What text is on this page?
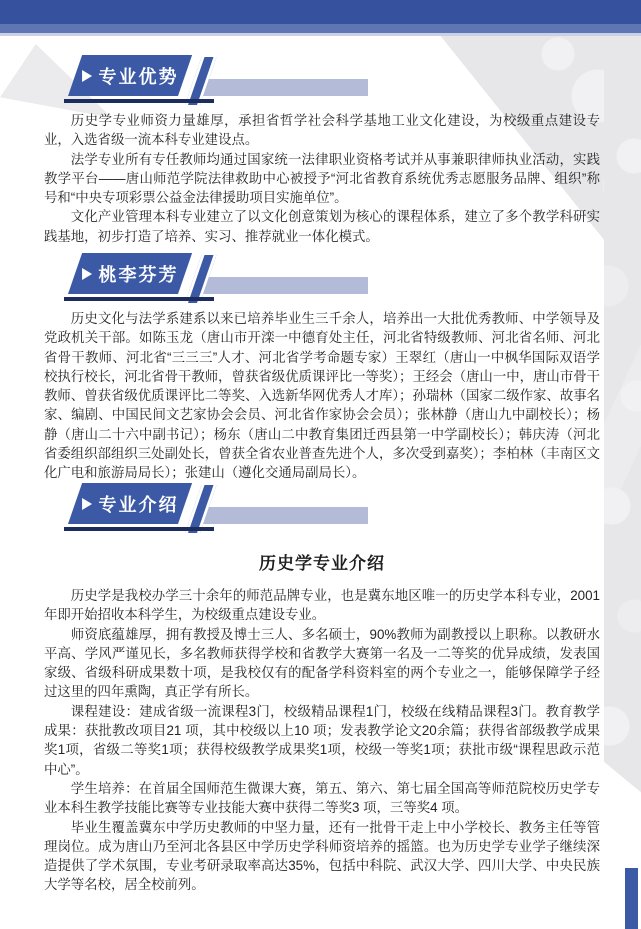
专业优势

历史学专业师资力量雄厚，承担省哲学社会科学基地工业文化建设，为校级重点建设专业，入选省级一流本科专业建设点。

法学专业所有专任教师均通过国家统一法律职业资格考试并从事兼职律师执业活动，实践教学平台——唐山师范学院法律救助中心被授予“河北省教育系统优秀志愿服务品牌、组织”称号和“中央专项彩票公益金法律援助项目实施单位”。

文化产业管理本科专业建立了以文化创意策划为核心的课程体系，建立了多个教学科研实践基地，初步打造了培养、实习、推荐就业一体化模式。

桃李芬芳

历史文化与法学系建系以来已培养毕业生三千余人，培养出一大批优秀教师、中学领导及党政机关干部。如陈玉龙（唐山市开滦一中德育处主任，河北省特级教师、河北省名师、河北省骨干教师、河北省“三三三”人才、河北省学考命题专家）王翠红（唐山一中枫华国际双语学校执行校长，河北省骨干教师，曾获省级优质课评比一等奖）；王经会（唐山一中，唐山市骨干教师、曾获省级优质课评比二等奖、入选新华网优秀人才库）；孙瑞林（国家二级作家、故事名家、编剧、中国民间文艺家协会会员、河北省作家协会会员）；张林静（唐山九中副校长）；杨静（唐山二十六中副书记）；杨东（唐山二中教育集团迁西县第一中学副校长）；韩庆涛（河北省委组织部组织三处副处长，曾获全省农业普查先进个人，多次受到嘉奖）；李柏林（丰南区文化广电和旅游局局长）；张建山（遵化交通局副局长）。

专业介绍
历史学专业介绍

历史学是我校办学三十余年的师范品牌专业，也是冀东地区唯一的历史学本科专业，2001年即开始招收本科学生，为校级重点建设专业。

师资底蕴雄厚，拥有教授及博士三人、多名硕士，90%教师为副教授以上职称。以教研水平高、学风严谨见长，多名教师获得学校和省教学大赛第一名及一二等奖的优异成绩，发表国家级、省级科研成果数十项，是我校仅有的配备学科资料室的两个专业之一，能够保障学子经过这里的四年熏陶，真正学有所长。

课程建设：建成省级一流课程3门，校级精品课程1门，校级在线精品课程3门。教育教学成果：获批教改项目21 项，其中校级以上10 项；发表教学论文20余篇；获得省部级教学成果奖1项，省级二等奖1项；获得校级教学成果奖1项，校级一等奖1项；获批市级“课程思政示范中心”。

学生培养：在首届全国师范生微课大赛，第五、第六、第七届全国高等师范院校历史学专业本科生教学技能比赛等专业技能大赛中获得二等奖3 项，三等奖4 项。

毕业生覆盖冀东中学历史教师的中坚力量，还有一批骨干走上中小学校长、教务主任等管理岗位。成为唐山乃至河北各县区中学历史学科师资培养的摇篮。也为历史学专业学子继续深造提供了学术氛围，专业考研录取率高达35%，包括中科院、武汉大学、四川大学、中央民族大学等名校，居全校前列。
